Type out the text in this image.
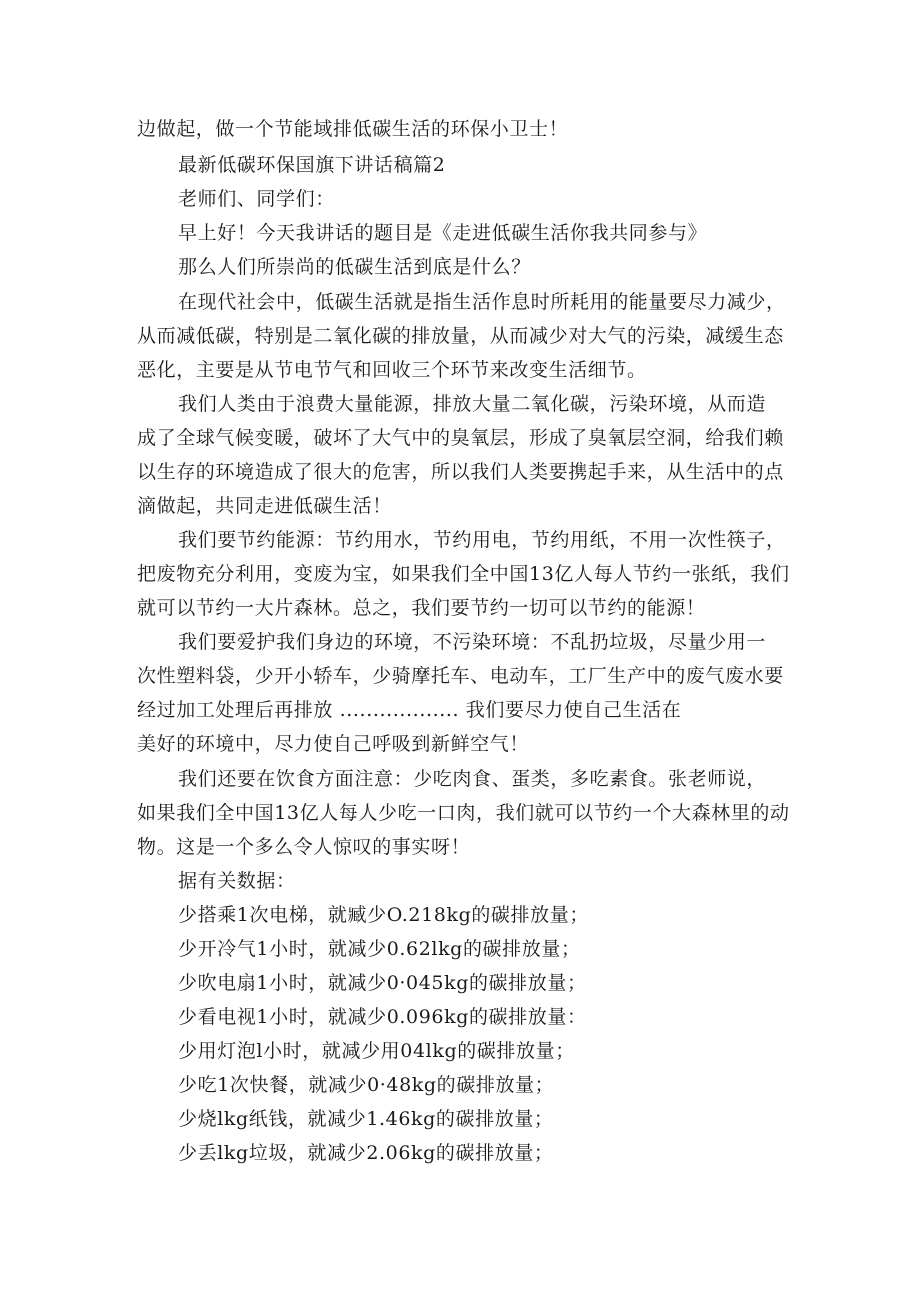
边做起，做一个节能域排低碳生活的环保小卫士！
最新低碳环保国旗下讲话稿篇2
老师们、同学们：
早上好！今天我讲话的题目是《走进低碳生活你我共同参与》
那么人们所崇尚的低碳生活到底是什么？
在现代社会中，低碳生活就是指生活作息时所耗用的能量要尽力减少，
从而减低碳，特别是二氧化碳的排放量，从而减少对大气的污染，减缓生态
恶化，主要是从节电节气和回收三个环节来改变生活细节。
我们人类由于浪费大量能源，排放大量二氧化碳，污染环境，从而造
成了全球气候变暖，破坏了大气中的臭氧层，形成了臭氧层空洞，给我们赖
以生存的环境造成了很大的危害，所以我们人类要携起手来，从生活中的点
滴做起，共同走进低碳生活！
我们要节约能源：节约用水，节约用电，节约用纸，不用一次性筷子，
把废物充分利用，变废为宝，如果我们全中国13亿人每人节约一张纸，我们
就可以节约一大片森林。总之，我们要节约一切可以节约的能源！
我们要爱护我们身边的环境，不污染环境：不乱扔垃圾，尽量少用一
次性塑料袋，少开小轿车，少骑摩托车、电动车，工厂生产中的废气废水要
经过加工处理后再排放 .................. 我们要尽力使自己生活在
美好的环境中，尽力使自己呼吸到新鲜空气！
我们还要在饮食方面注意：少吃肉食、蛋类，多吃素食。张老师说，
如果我们全中国13亿人每人少吃一口肉，我们就可以节约一个大森林里的动
物。这是一个多么令人惊叹的事实呀！
据有关数据：
少搭乘1次电梯，就臧少O.218kg的碳排放量；
少开冷气1小时，就减少0.62lkg的碳排放量；
少吹电扇1小时，就减少0·045kg的碳排放量；
少看电视1小时，就减少0.096kg的碳排放量：
少用灯泡l小时，就减少用04lkg的碳排放量；
少吃1次快餐，就减少0·48kg的碳排放量；
少烧lkg纸钱，就减少1.46kg的碳排放量；
少丢lkg垃圾，就减少2.06kg的碳排放量；
